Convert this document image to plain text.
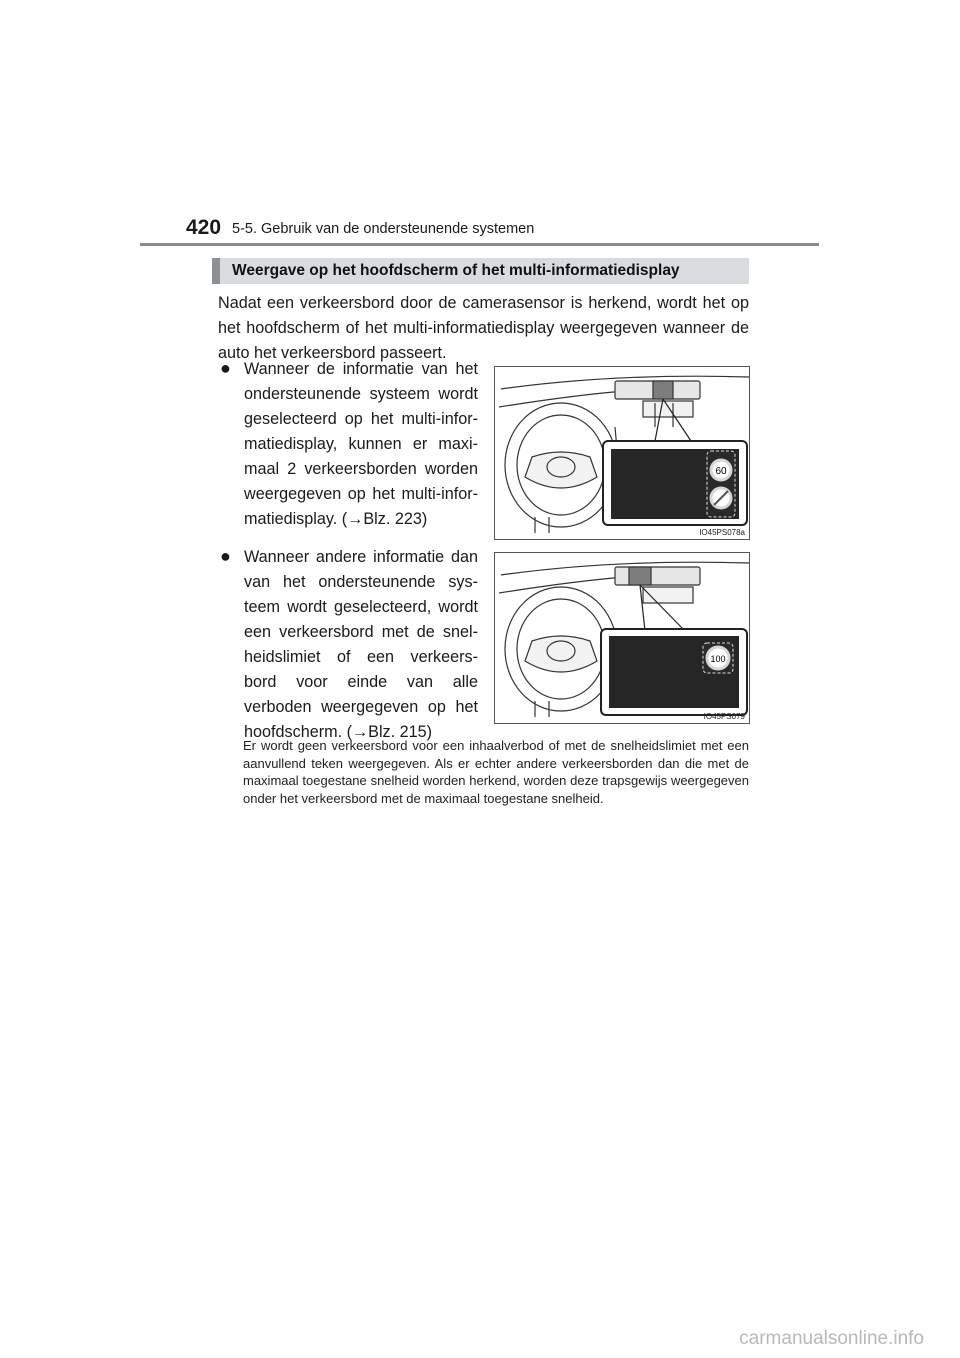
420 5-5. Gebruik van de ondersteunende systemen
Weergave op het hoofdscherm of het multi-informatiedisplay
Nadat een verkeersbord door de camerasensor is herkend, wordt het op het hoofdscherm of het multi-informatiedisplay weergegeven wanneer de auto het verkeersbord passeert.
● Wanneer de informatie van het

ondersteunende systeem wordt

geselecteerd op het multi-infor-

matiedisplay, kunnen er maxi-

maal 2 verkeersborden worden

weergegeven op het multi-infor-

matiedisplay. (→Blz. 223)

● Wanneer andere informatie dan

van het ondersteunende sys-

teem wordt geselecteerd, wordt

een verkeersbord met de snel-

heidslimiet of een verkeers-

bord voor einde van alle

verboden weergegeven op het

hoofdscherm. (→Blz. 215)

60
IO45PS078a
100
IO45PS079
Er wordt geen verkeersbord voor een inhaalverbod of met de snelheidslimiet met een aanvullend teken weergegeven. Als er echter andere verkeersborden dan die met de maximaal toegestane snelheid worden herkend, worden deze trapsgewijs weergegeven onder het verkeersbord met de maximaal toegestane snelheid.
carmanualsonline.info
